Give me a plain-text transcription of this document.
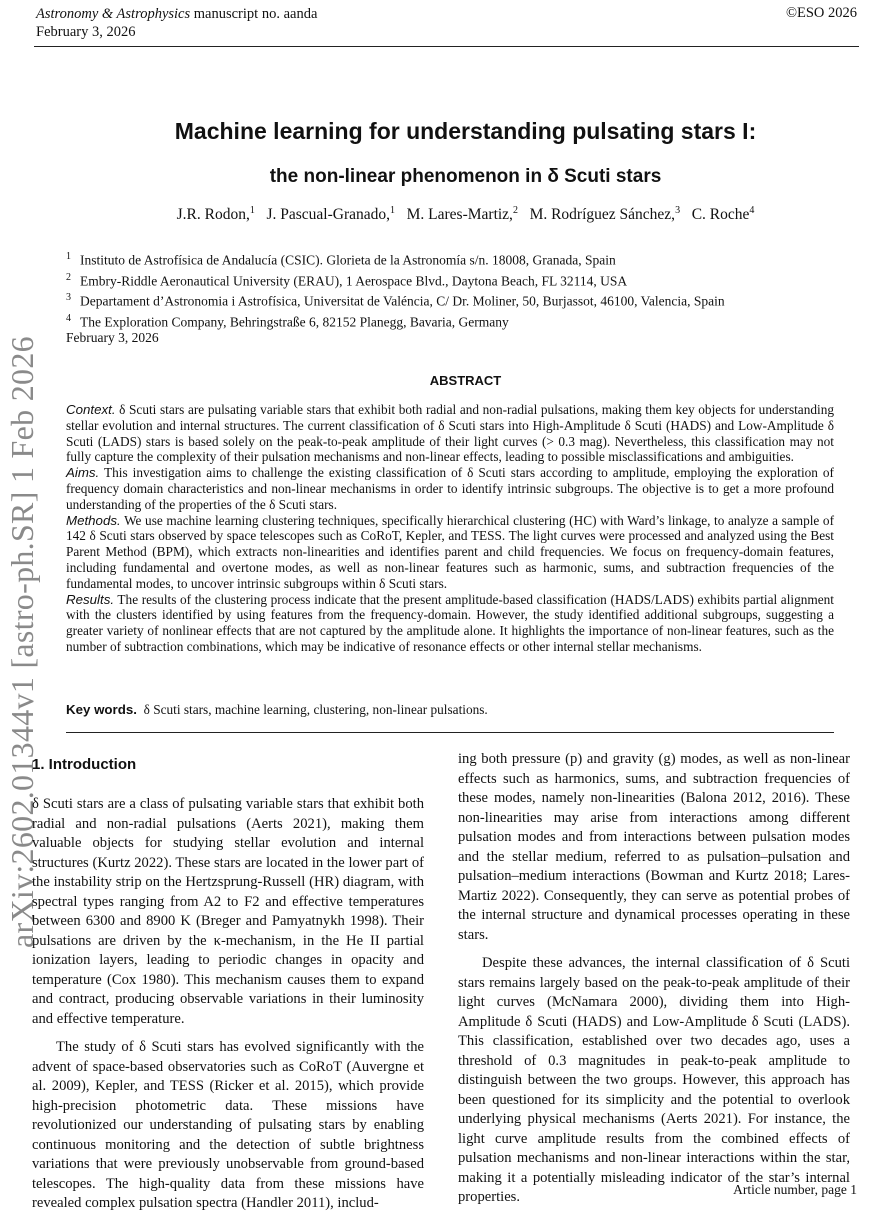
Astronomy & Astrophysics manuscript no. aanda
February 3, 2026
©ESO 2026
arXiv:2602.01344v1 [astro-ph.SR] 1 Feb 2026
Machine learning for understanding pulsating stars I:
the non-linear phenomenon in δ Scuti stars
J.R. Rodon,$^1$ J. Pascual-Granado,$^1$ M. Lares-Martiz,$^2$ M. Rodríguez Sánchez,$^3$ C. Roche$^4$
$^1$ Instituto de Astrofísica de Andalucía (CSIC). Glorieta de la Astronomía s/n. 18008, Granada, Spain
$^2$ Embry-Riddle Aeronautical University (ERAU), 1 Aerospace Blvd., Daytona Beach, FL 32114, USA
$^3$ Departament d’Astronomia i Astrofísica, Universitat de Valéncia, C/ Dr. Moliner, 50, Burjassot, 46100, Valencia, Spain
$^4$ The Exploration Company, Behringstraße 6, 82152 Planegg, Bavaria, Germany
February 3, 2026
ABSTRACT

Context. δ Scuti stars are pulsating variable stars that exhibit both radial and non-radial pulsations, making them key objects for understanding stellar evolution and internal structures. The current classification of δ Scuti stars into High-Amplitude δ Scuti (HADS) and Low-Amplitude δ Scuti (LADS) stars is based solely on the peak-to-peak amplitude of their light curves (> 0.3 mag). Nevertheless, this classification may not fully capture the complexity of their pulsation mechanisms and non-linear effects, leading to possible misclassifications and ambiguities.

Aims. This investigation aims to challenge the existing classification of δ Scuti stars according to amplitude, employing the exploration of frequency domain characteristics and non-linear mechanisms in order to identify intrinsic subgroups. The objective is to get a more profound understanding of the properties of the δ Scuti stars.

Methods. We use machine learning clustering techniques, specifically hierarchical clustering (HC) with Ward’s linkage, to analyze a sample of 142 δ Scuti stars observed by space telescopes such as CoRoT, Kepler, and TESS. The light curves were processed and analyzed using the Best Parent Method (BPM), which extracts non-linearities and identifies parent and child frequencies. We focus on frequency-domain features, including fundamental and overtone modes, as well as non-linear features such as harmonic, sums, and subtraction frequencies of the fundamental modes, to uncover intrinsic subgroups within δ Scuti stars.

Results. The results of the clustering process indicate that the present amplitude-based classification (HADS/LADS) exhibits partial alignment with the clusters identified by using features from the frequency-domain. However, the study identified additional subgroups, suggesting a greater variety of nonlinear effects that are not captured by the amplitude alone. It highlights the importance of non-linear features, such as the number of subtraction combinations, which may be indicative of resonance effects or other internal stellar mechanisms.

Key words. δ Scuti stars, machine learning, clustering, non-linear pulsations.
1. Introduction

δ Scuti stars are a class of pulsating variable stars that exhibit both radial and non-radial pulsations (Aerts 2021), making them valuable objects for studying stellar evolution and internal structures (Kurtz 2022). These stars are located in the lower part of the instability strip on the Hertzsprung-Russell (HR) diagram, with spectral types ranging from A2 to F2 and effective temperatures between 6300 and 8900 K (Breger and Pamyatnykh 1998). Their pulsations are driven by the κ-mechanism, in the He II partial ionization layers, leading to periodic changes in opacity and temperature (Cox 1980). This mechanism causes them to expand and contract, producing observable variations in their luminosity and effective temperature.

The study of δ Scuti stars has evolved significantly with the advent of space-based observatories such as CoRoT (Auvergne et al. 2009), Kepler, and TESS (Ricker et al. 2015), which provide high-precision photometric data. These missions have revolutionized our understanding of pulsating stars by enabling continuous monitoring and the detection of subtle brightness variations that were previously unobservable from ground-based telescopes. The high-quality data from these missions have revealed complex pulsation spectra (Handler 2011), includ-

ing both pressure (p) and gravity (g) modes, as well as non-linear effects such as harmonics, sums, and subtraction frequencies of these modes, namely non-linearities (Balona 2012, 2016). These non-linearities may arise from interactions among different pulsation modes and from interactions between pulsation modes and the stellar medium, referred to as pulsation–pulsation and pulsation–medium interactions (Bowman and Kurtz 2018; Lares-Martiz 2022). Consequently, they can serve as potential probes of the internal structure and dynamical processes operating in these stars.

Despite these advances, the internal classification of δ Scuti stars remains largely based on the peak-to-peak amplitude of their light curves (McNamara 2000), dividing them into High-Amplitude δ Scuti (HADS) and Low-Amplitude δ Scuti (LADS). This classification, established over two decades ago, uses a threshold of 0.3 magnitudes in peak-to-peak amplitude to distinguish between the two groups. However, this approach has been questioned for its simplicity and the potential to overlook underlying physical mechanisms (Aerts 2021). For instance, the light curve amplitude results from the combined effects of pulsation mechanisms and non-linear interactions within the star, making it a potentially misleading indicator of the star’s internal properties.	Article number, page 1
